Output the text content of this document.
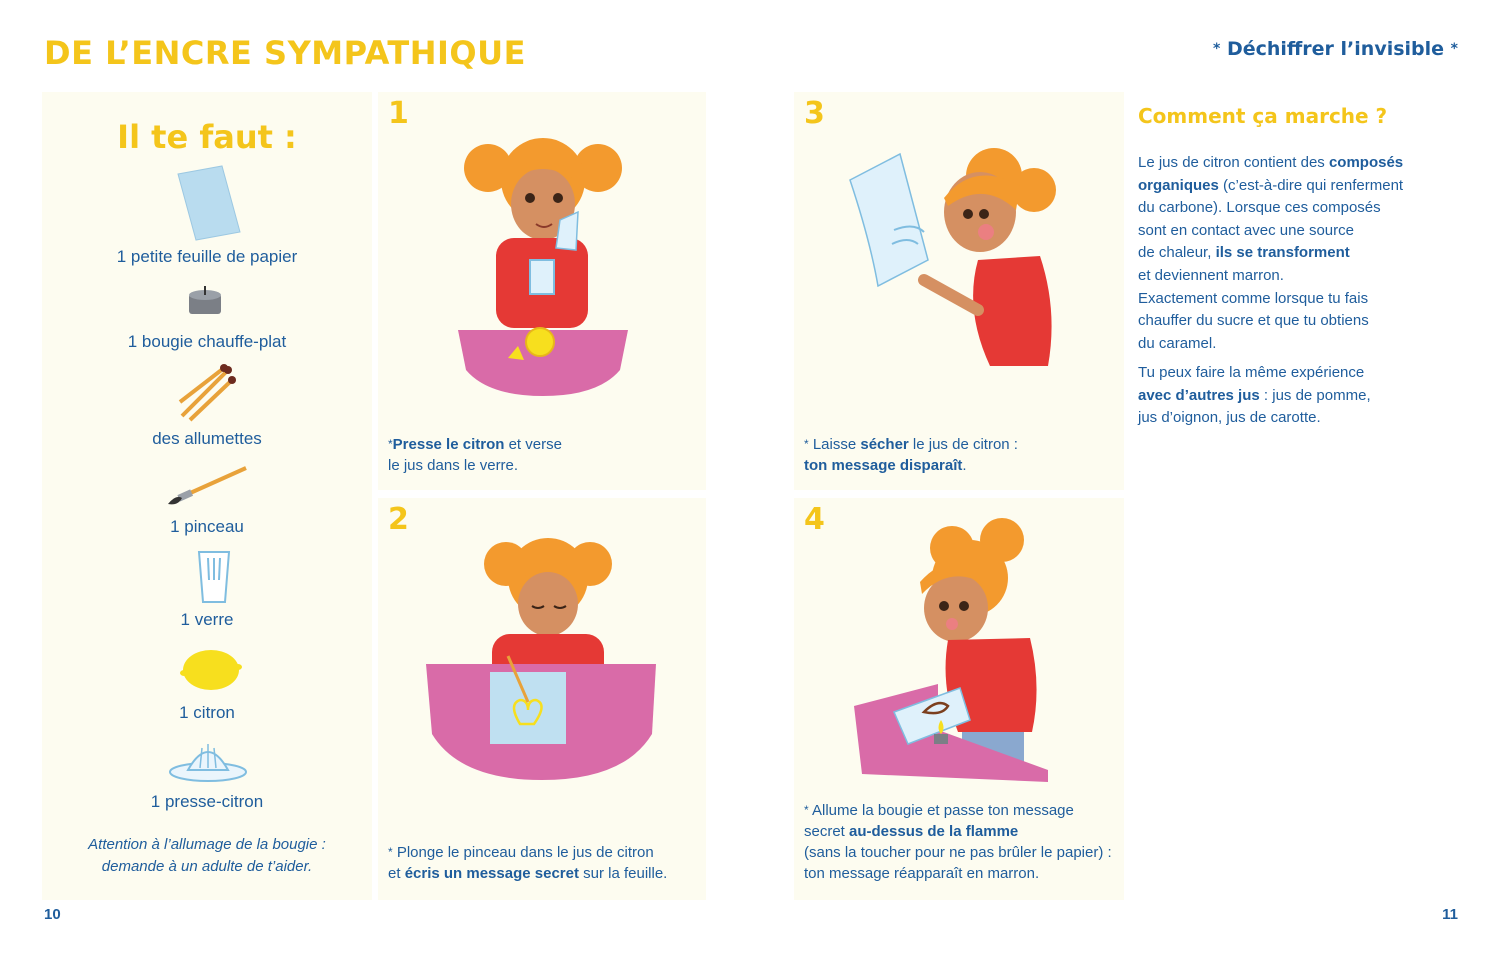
DE L’ENCRE SYMPATHIQUE	* Déchiffrer l’invisible *
Il te faut :
1 petite feuille de papier
1 bougie chauffe-plat
des allumettes
1 pinceau
1 verre
1 citron
1 presse-citron
Attention à l’allumage de la bougie :
demande à un adulte de t’aider.
1
*Presse le citron et verse
le jus dans le verre.
2
* Plonge le pinceau dans le jus de citron
et écris un message secret sur la feuille.
3
* Laisse sécher le jus de citron :
ton message disparaît.
4
* Allume la bougie et passe ton message
secret au-dessus de la flamme
(sans la toucher pour ne pas brûler le papier) :
ton message réapparaît en marron.
Comment ça marche ?
Le jus de citron contient des composés
organiques (c’est-à-dire qui renferment
du carbone). Lorsque ces composés
sont en contact avec une source
de chaleur, ils se transforment
et deviennent marron.
Exactement comme lorsque tu fais
chauffer du sucre et que tu obtiens
du caramel.
Tu peux faire la même expérience
avec d’autres jus : jus de pomme,
jus d’oignon, jus de carotte.
10	11
